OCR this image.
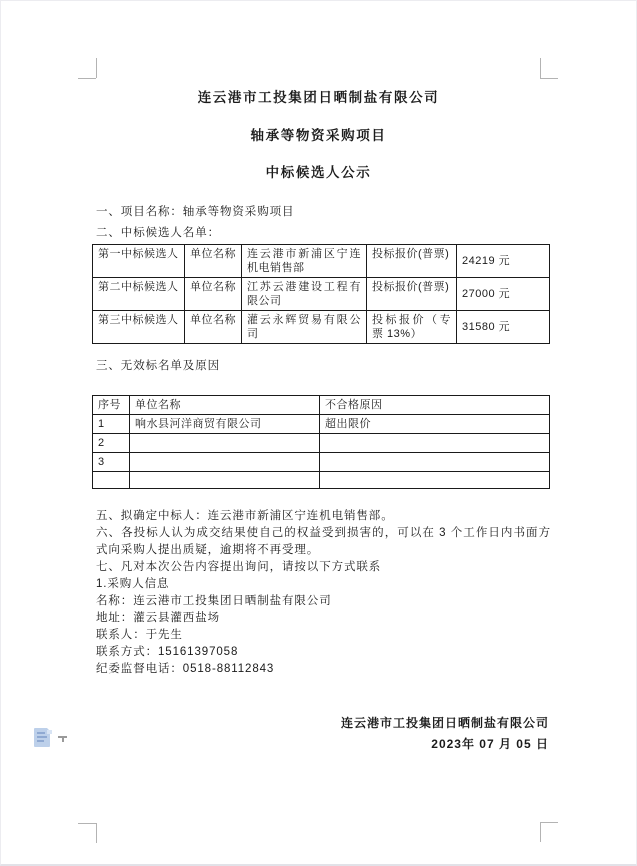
连云港市工投集团日晒制盐有限公司
轴承等物资采购项目
中标候选人公示
一、项目名称：轴承等物资采购项目
二、中标候选人名单：
第一中标候选人	单位名称	连云港市新浦区宁连机电销售部	投标报价(普票)	24219 元
第二中标候选人	单位名称	江苏云港建设工程有限公司	投标报价(普票)	27000 元
第三中标候选人	单位名称	灌云永辉贸易有限公司	投标报价（专票 13%）	31580 元
三、无效标名单及原因
序号	单位名称	不合格原因
1	响水县河洋商贸有限公司	超出限价
2		
3		

五、拟确定中标人：连云港市新浦区宁连机电销售部。
六、各投标人认为成交结果使自己的权益受到损害的，可以在 3 个工作日内书面方式向采购人提出质疑，逾期将不再受理。
七、凡对本次公告内容提出询问，请按以下方式联系
1.采购人信息
名称：连云港市工投集团日晒制盐有限公司
地址：灌云县灌西盐场
联系人：于先生
联系方式：15161397058
纪委监督电话：0518-88112843
连云港市工投集团日晒制盐有限公司
2023年 07 月 05 日
